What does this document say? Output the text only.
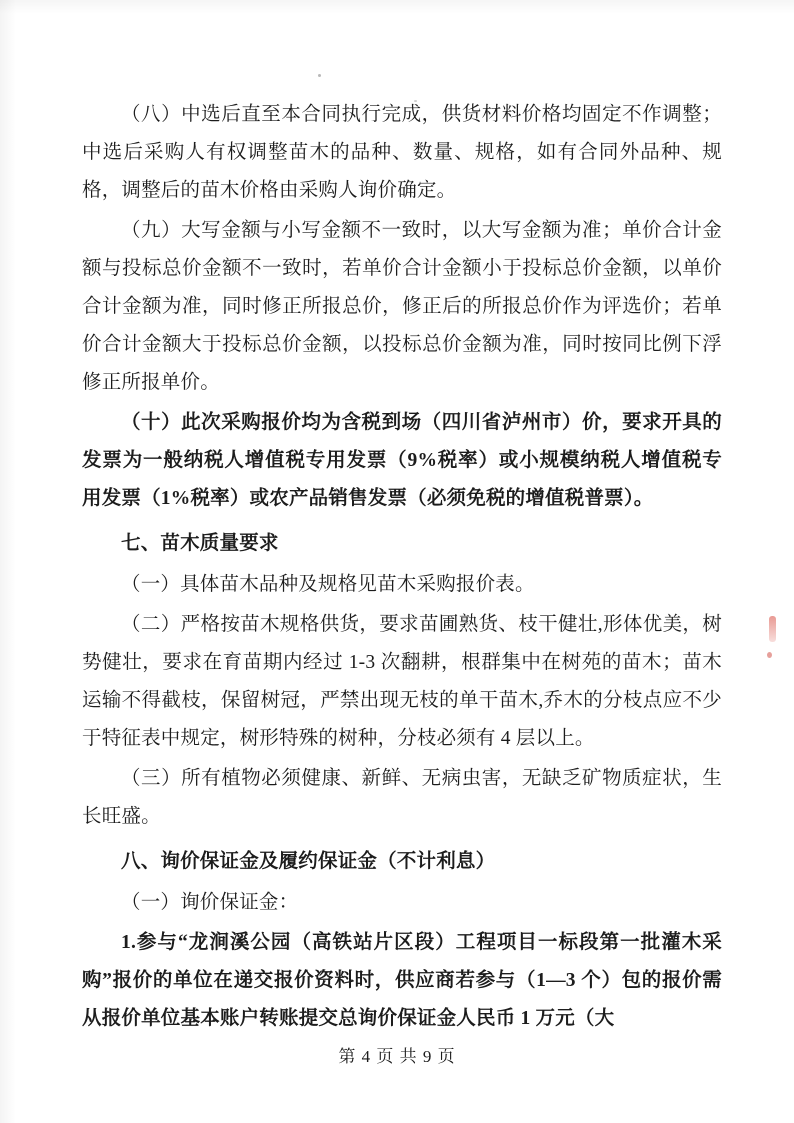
（八）中选后直至本合同执行完成，供货材料价格均固定不作调整；中选后采购人有权调整苗木的品种、数量、规格，如有合同外品种、规格，调整后的苗木价格由采购人询价确定。

（九）大写金额与小写金额不一致时，以大写金额为准；单价合计金额与投标总价金额不一致时，若单价合计金额小于投标总价金额，以单价合计金额为准，同时修正所报总价，修正后的所报总价作为评选价；若单价合计金额大于投标总价金额，以投标总价金额为准，同时按同比例下浮修正所报单价。

（十）此次采购报价均为含税到场（四川省泸州市）价，要求开具的发票为一般纳税人增值税专用发票（9%税率）或小规模纳税人增值税专用发票（1%税率）或农产品销售发票（必须免税的增值税普票）。

七、苗木质量要求

（一）具体苗木品种及规格见苗木采购报价表。

（二）严格按苗木规格供货，要求苗圃熟货、枝干健壮,形体优美，树势健壮，要求在育苗期内经过 1-3 次翻耕，根群集中在树苑的苗木；苗木运输不得截枝，保留树冠，严禁出现无枝的单干苗木,乔木的分枝点应不少于特征表中规定，树形特殊的树种，分枝必须有 4 层以上。

（三）所有植物必须健康、新鲜、无病虫害，无缺乏矿物质症状，生长旺盛。

八、询价保证金及履约保证金（不计利息）

（一）询价保证金：

1.参与“龙涧溪公园（高铁站片区段）工程项目一标段第一批灌木采购”报价的单位在递交报价资料时，供应商若参与（1—3 个）包的报价需从报价单位基本账户转账提交总询价保证金人民币 1 万元（大

第 4 页 共 9 页
